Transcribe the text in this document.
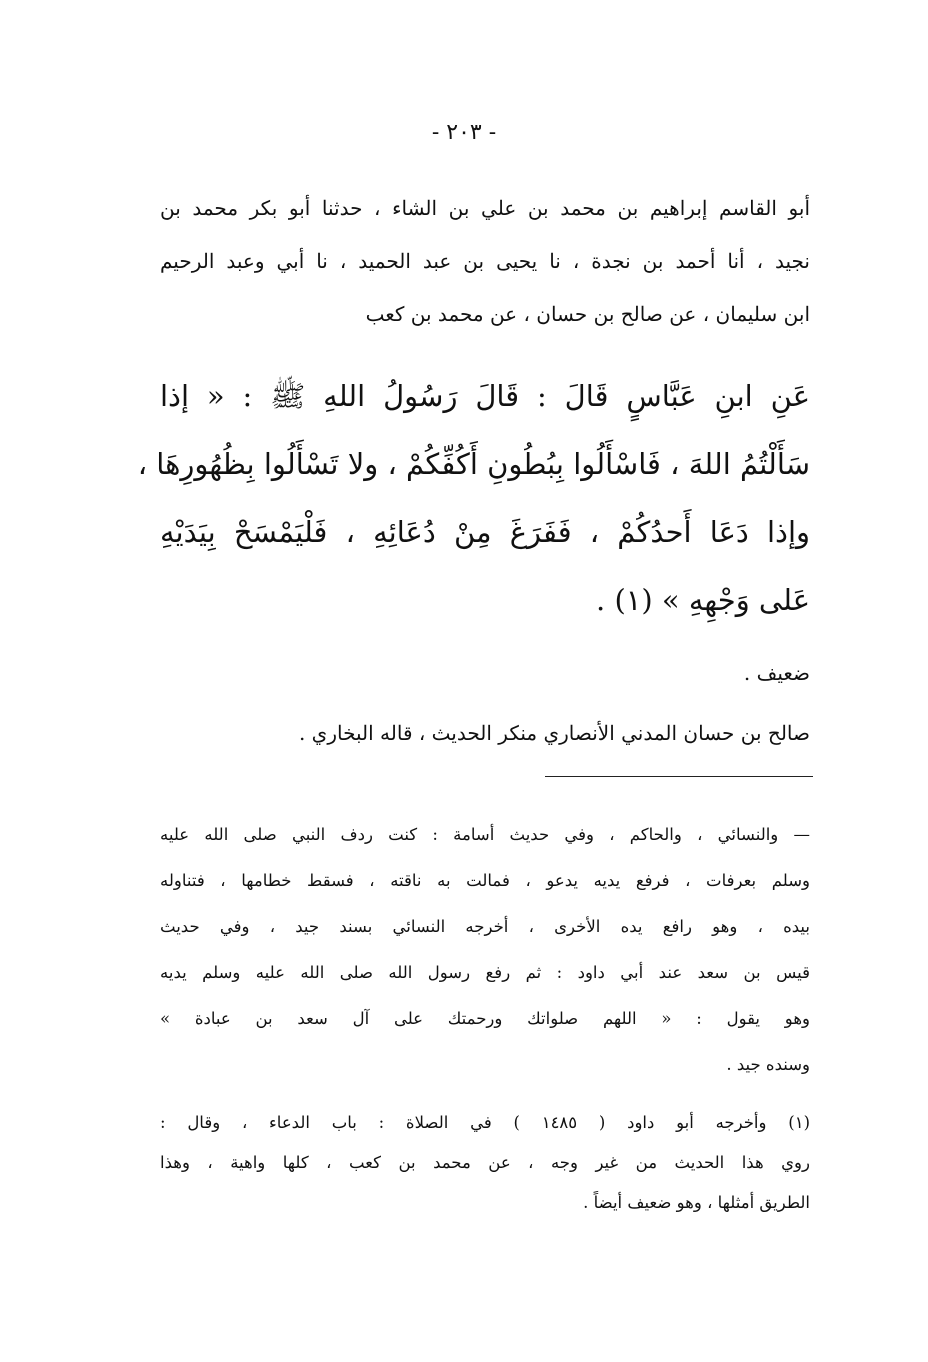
- ٢٠٣ -
أبو القاسم إبراهيم بن محمد بن علي بن الشاء ، حدثنا أبو بكر محمد بن
نجيد ، أنا أحمد بن نجدة ، نا يحيى بن عبد الحميد ، نا أبي وعبد الرحيم
ابن سليمان ، عن صالح بن حسان ، عن محمد بن كعب
عَنِ ابنِ عَبَّاسٍ قَالَ : قَالَ رَسُولُ اللهِ ﷺ : « إذا
سَأَلْتُمُ اللهَ ، فَاسْأَلُوا بِبُطُونِ أَكُفِّكُمْ ، ولا تَسْأَلُوا بِظُهُورِهَا ،
وإذا دَعَا أَحدُكُمْ ، فَفَرَغَ مِنْ دُعَائِهِ ، فَلْيَمْسَحْ بِيَدَيْهِ
عَلى وَجْهِهِ » (١) .
ضعيف .
صالح بن حسان المدني الأنصاري منكر الحديث ، قاله البخاري .
— والنسائي ، والحاكم ، وفي حديث أسامة : كنت ردف النبي صلى الله عليه
وسلم بعرفات ، فرفع يديه يدعو ، فمالت به ناقته ، فسقط خطامها ، فتناوله
بيده ، وهو رافع يده الأخرى ، أخرجه النسائي بسند جيد ، وفي حديث
قيس بن سعد عند أبي داود : ثم رفع رسول الله صلى الله عليه وسلم يديه
وهو يقول : « اللهم صلواتك ورحمتك على آل سعد بن عبادة »
وسنده جيد .
(١) وأخرجه أبو داود ( ١٤٨٥ ) في الصلاة : باب الدعاء ، وقال :
روي هذا الحديث من غير وجه ، عن محمد بن كعب ، كلها واهية ، وهذا
الطريق أمثلها ، وهو ضعيف أيضاً .
